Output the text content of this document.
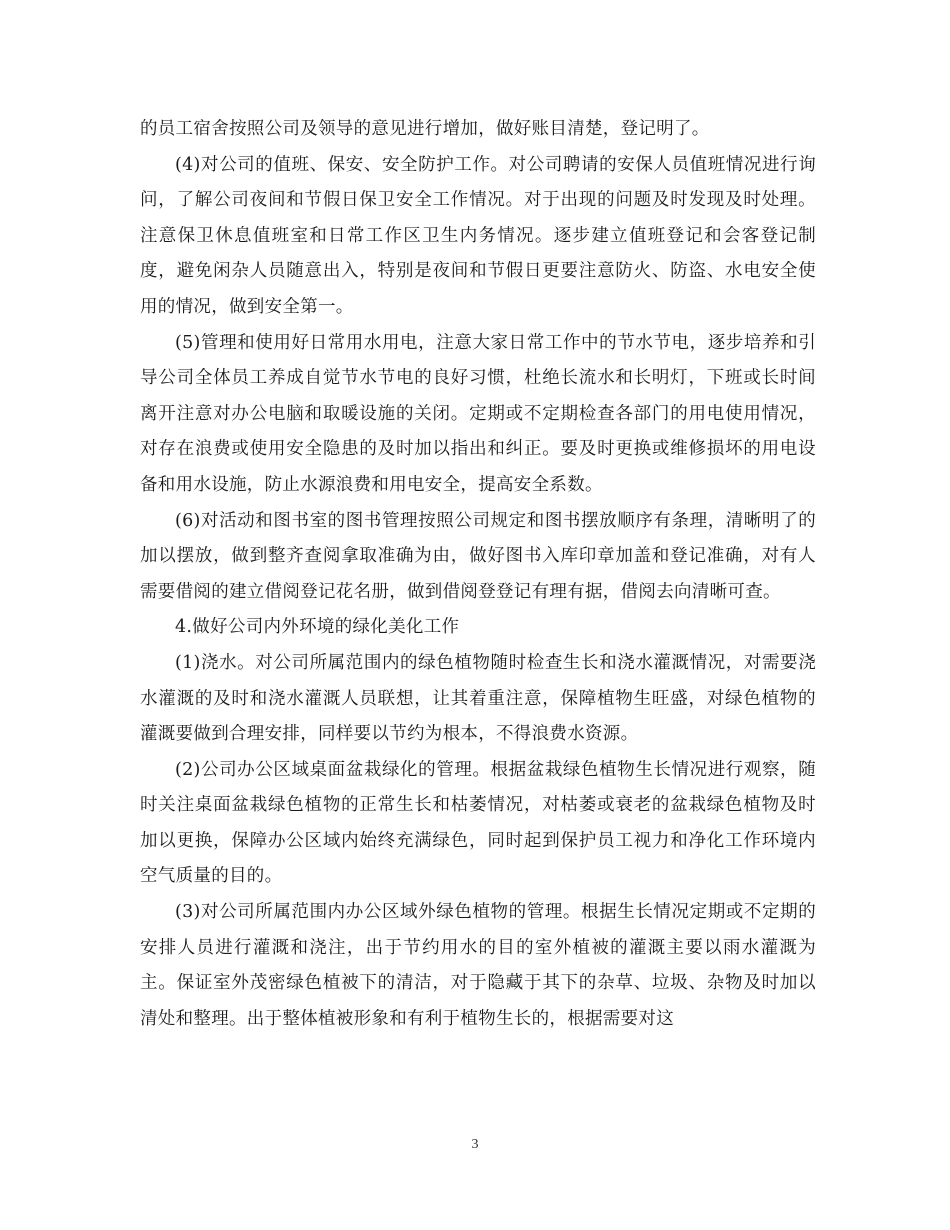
的员工宿舍按照公司及领导的意见进行增加，做好账目清楚，登记明了。

(4)对公司的值班、保安、安全防护工作。对公司聘请的安保人员值班情况进行询问，了解公司夜间和节假日保卫安全工作情况。对于出现的问题及时发现及时处理。注意保卫休息值班室和日常工作区卫生内务情况。逐步建立值班登记和会客登记制度，避免闲杂人员随意出入，特别是夜间和节假日更要注意防火、防盗、水电安全使用的情况，做到安全第一。

(5)管理和使用好日常用水用电，注意大家日常工作中的节水节电，逐步培养和引导公司全体员工养成自觉节水节电的良好习惯，杜绝长流水和长明灯，下班或长时间离开注意对办公电脑和取暖设施的关闭。定期或不定期检查各部门的用电使用情况，对存在浪费或使用安全隐患的及时加以指出和纠正。要及时更换或维修损坏的用电设备和用水设施，防止水源浪费和用电安全，提高安全系数。

(6)对活动和图书室的图书管理按照公司规定和图书摆放顺序有条理，清晰明了的加以摆放，做到整齐查阅拿取准确为由，做好图书入库印章加盖和登记准确，对有人需要借阅的建立借阅登记花名册，做到借阅登登记有理有据，借阅去向清晰可查。

4.做好公司内外环境的绿化美化工作

(1)浇水。对公司所属范围内的绿色植物随时检查生长和浇水灌溉情况，对需要浇水灌溉的及时和浇水灌溉人员联想，让其着重注意，保障植物生旺盛，对绿色植物的灌溉要做到合理安排，同样要以节约为根本，不得浪费水资源。

(2)公司办公区域桌面盆栽绿化的管理。根据盆栽绿色植物生长情况进行观察，随时关注桌面盆栽绿色植物的正常生长和枯萎情况，对枯萎或衰老的盆栽绿色植物及时加以更换，保障办公区域内始终充满绿色，同时起到保护员工视力和净化工作环境内空气质量的目的。

(3)对公司所属范围内办公区域外绿色植物的管理。根据生长情况定期或不定期的安排人员进行灌溉和浇注，出于节约用水的目的室外植被的灌溉主要以雨水灌溉为主。保证室外茂密绿色植被下的清洁，对于隐藏于其下的杂草、垃圾、杂物及时加以清处和整理。出于整体植被形象和有利于植物生长的，根据需要对这

3
